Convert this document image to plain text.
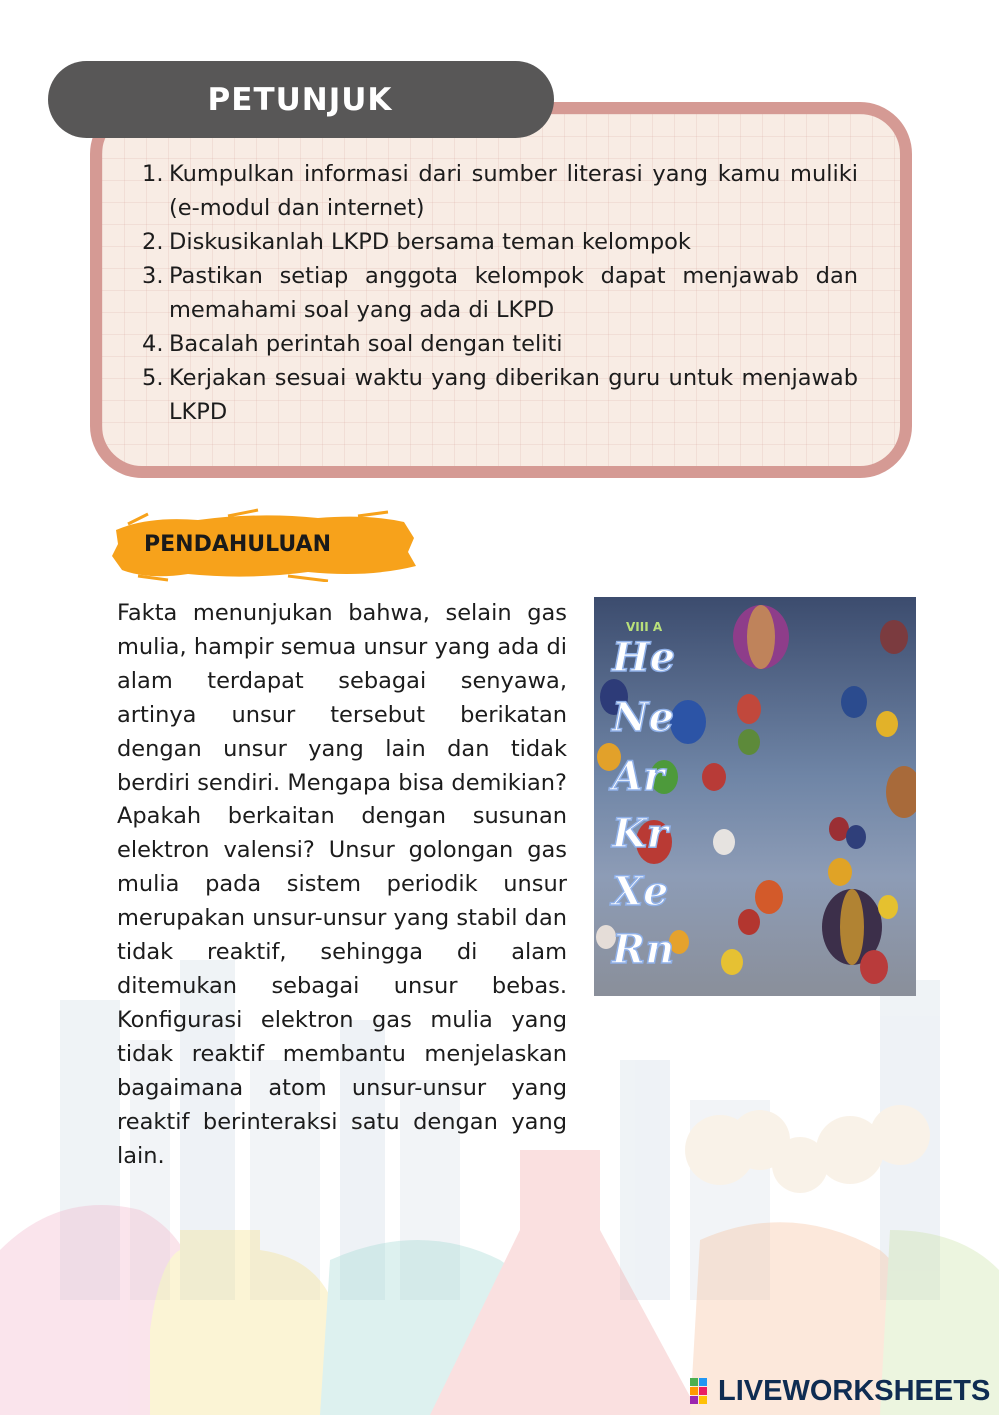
PETUNJUK
1. Kumpulkan informasi dari sumber literasi yang kamu muliki (e-modul dan internet)
2. Diskusikanlah LKPD bersama teman kelompok
3. Pastikan setiap anggota kelompok dapat menjawab dan memahami soal yang ada di LKPD
4. Bacalah perintah soal dengan teliti
5. Kerjakan sesuai waktu yang diberikan guru untuk menjawab LKPD
PENDAHULUAN

Fakta menunjukan bahwa, selain gas mulia, hampir semua unsur yang ada di alam terdapat sebagai senyawa, artinya unsur tersebut berikatan dengan unsur yang lain dan tidak berdiri sendiri. Mengapa bisa demikian? Apakah berkaitan dengan susunan elektron valensi? Unsur golongan gas mulia pada sistem periodik unsur merupakan unsur-unsur yang stabil dan tidak reaktif, sehingga di alam ditemukan sebagai unsur bebas. Konfigurasi elektron gas mulia yang tidak reaktif membantu menjelaskan bagaimana atom unsur-unsur yang reaktif berinteraksi satu dengan yang lain.

VIII A
He
Ne
Ar
Kr
Xe
Rn
LIVEWORKSHEETS
